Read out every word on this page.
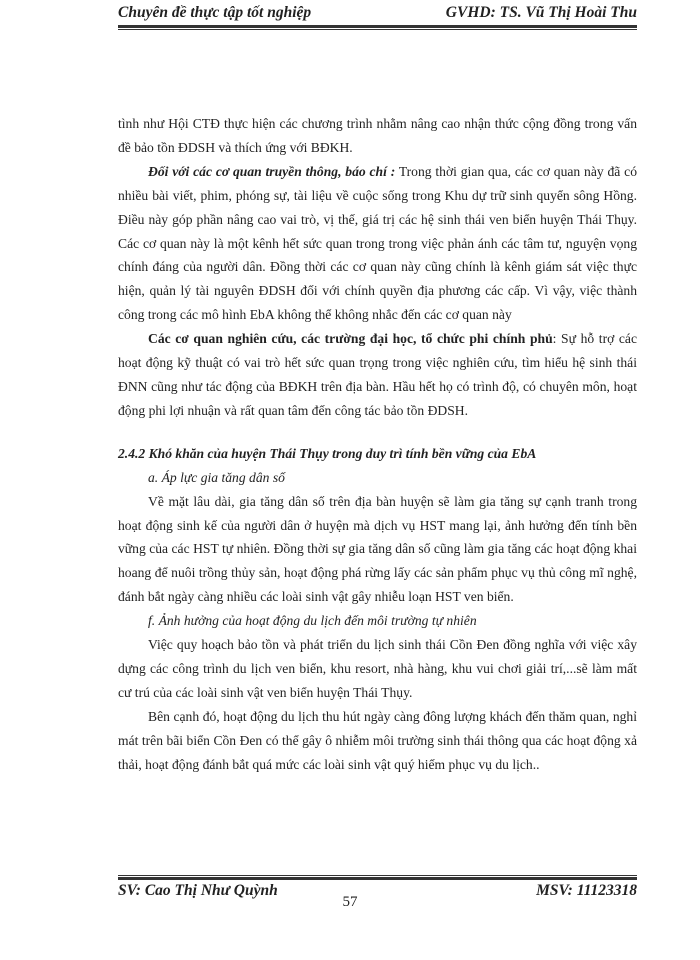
Chuyên đề thực tập tốt nghiệp	GVHD: TS. Vũ Thị Hoài Thu

tình như Hội CTĐ thực hiện các chương trình nhằm nâng cao nhận thức cộng đồng trong vấn đề bảo tồn ĐDSH và thích ứng với BĐKH.

Đối với các cơ quan truyền thông, báo chí : Trong thời gian qua, các cơ quan này đã có nhiều bài viết, phim, phóng sự, tài liệu về cuộc sống trong Khu dự trữ sinh quyển sông Hồng. Điều này góp phần nâng cao vai trò, vị thế, giá trị các hệ sinh thái ven biển huyện Thái Thụy. Các cơ quan này là một kênh hết sức quan trong trong việc phản ánh các tâm tư, nguyện vọng chính đáng của người dân. Đồng thời các cơ quan này cũng chính là kênh giám sát việc thực hiện, quản lý tài nguyên ĐDSH đối với chính quyền địa phương các cấp. Vì vậy, việc thành công trong các mô hình EbA không thể không nhắc đến các cơ quan này

Các cơ quan nghiên cứu, các trường đại học, tổ chức phi chính phủ: Sự hỗ trợ các hoạt động kỹ thuật có vai trò hết sức quan trọng trong việc nghiên cứu, tìm hiểu hệ sinh thái ĐNN cũng như tác động của BĐKH trên địa bàn. Hầu hết họ có trình độ, có chuyên môn, hoạt động phi lợi nhuận và rất quan tâm đến công tác bảo tồn ĐDSH.

2.4.2 Khó khăn của huyện Thái Thụy trong duy trì tính bền vững của EbA

a. Áp lực gia tăng dân số

Về mặt lâu dài, gia tăng dân số trên địa bàn huyện sẽ làm gia tăng sự cạnh tranh trong hoạt động sinh kế của người dân ở huyện mà dịch vụ HST mang lại, ảnh hưởng đến tính bền vững của các HST tự nhiên. Đồng thời sự gia tăng dân số cũng làm gia tăng các hoạt động khai hoang để nuôi trồng thủy sản, hoạt động phá rừng lấy các sản phẩm phục vụ thủ công mĩ nghệ, đánh bắt ngày càng nhiều các loài sinh vật gây nhiễu loạn HST ven biển.

f. Ảnh hưởng của hoạt động du lịch đến môi trường tự nhiên

Việc quy hoạch bảo tồn và phát triển du lịch sinh thái Cồn Đen đồng nghĩa với việc xây dựng các công trình du lịch ven biển, khu resort, nhà hàng, khu vui chơi giải trí,...sẽ làm mất cư trú của các loài sinh vật ven biển huyện Thái Thụy.

Bên cạnh đó, hoạt động du lịch thu hút ngày càng đông lượng khách đến thăm quan, nghỉ mát trên bãi biển Cồn Đen có thể gây ô nhiễm môi trường sinh thái thông qua các hoạt động xả thải, hoạt động đánh bắt quá mức các loài sinh vật quý hiếm phục vụ du lịch..

SV: Cao Thị Như Quỳnh	MSV: 11123318
57
